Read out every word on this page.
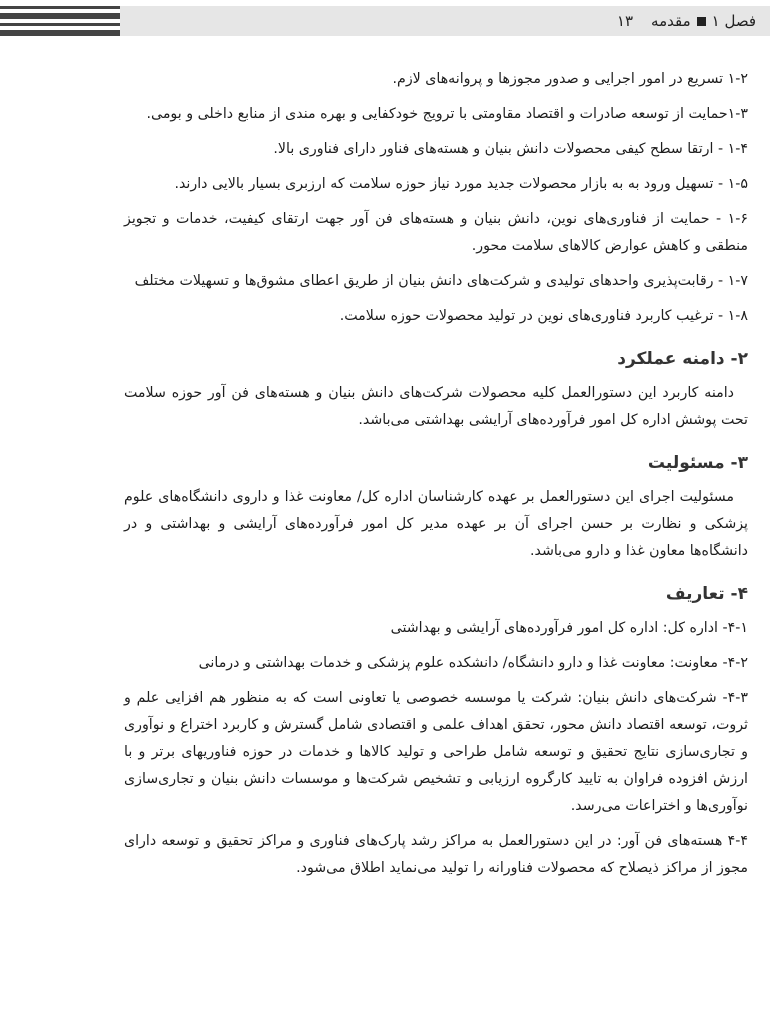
فصل ۱
مقدمه
۱۳

۱-۲ تسریع در امور اجرایی و صدور مجوزها و پروانه‌های لازم.

۱-۳حمایت از توسعه صادرات و اقتصاد مقاومتی با ترویج خودکفایی و بهره مندی از منابع داخلی و بومی.

۱-۴ - ارتقا سطح کیفی محصولات دانش بنیان و هسته‌های فناور دارای فناوری بالا.

۱-۵ - تسهیل ورود به به بازار محصولات جدید مورد نیاز حوزه سلامت که ارزبری بسیار بالایی دارند.

۱-۶ - حمایت از فناوری‌های نوین، دانش بنیان و هسته‌های فن آور جهت ارتقای کیفیت، خدمات و تجویز منطقی و کاهش عوارض کالاهای سلامت محور.

۱-۷ - رقابت‌پذیری واحدهای تولیدی و شرکت‌های دانش بنیان از طریق اعطای مشوق‌ها و تسهیلات مختلف

۱-۸ - ترغیب کاربرد فناوری‌های نوین در تولید محصولات حوزه سلامت.

۲- دامنه عملکرد

دامنه کاربرد این دستورالعمل کلیه محصولات شرکت‌های دانش بنیان و هسته‌های فن آور حوزه سلامت تحت پوشش اداره کل امور فرآورده‌های آرایشی بهداشتی می‌باشد.

۳- مسئولیت

مسئولیت اجرای این دستورالعمل بر عهده کارشناسان اداره کل/ معاونت غذا و داروی دانشگاه‌های علوم پزشکی و نظارت بر حسن اجرای آن بر عهده مدیر کل امور فرآورده‌های آرایشی و بهداشتی و در دانشگاه‌ها معاون غذا و دارو می‌باشد.

۴- تعاریف

۴-۱- اداره کل: اداره کل امور فرآورده‌های آرایشی و بهداشتی

۴-۲- معاونت: معاونت غذا و دارو دانشگاه/ دانشکده علوم پزشکی و خدمات بهداشتی و درمانی

۴-۳- شرکت‌های دانش بنیان: شرکت یا موسسه خصوصی یا تعاونی است که به منظور هم افزایی علم و ثروت، توسعه اقتصاد دانش محور، تحقق اهداف علمی و اقتصادی شامل گسترش و کاربرد اختراع و نوآوری و تجاری‌سازی نتایج تحقیق و توسعه شامل طراحی و تولید کالاها و خدمات در حوزه فناوریهای برتر و با ارزش افزوده فراوان به تایید کارگروه ارزیابی و تشخیص شرکت‌ها و موسسات دانش بنیان و تجاری‌سازی نوآوری‌ها و اختراعات می‌رسد.

۴-۴ هسته‌های فن آور: در این دستورالعمل به مراکز رشد پارک‌های فناوری و مراکز تحقیق و توسعه دارای مجوز از مراکز ذیصلاح که محصولات فناورانه را تولید می‌نماید اطلاق می‌شود.
